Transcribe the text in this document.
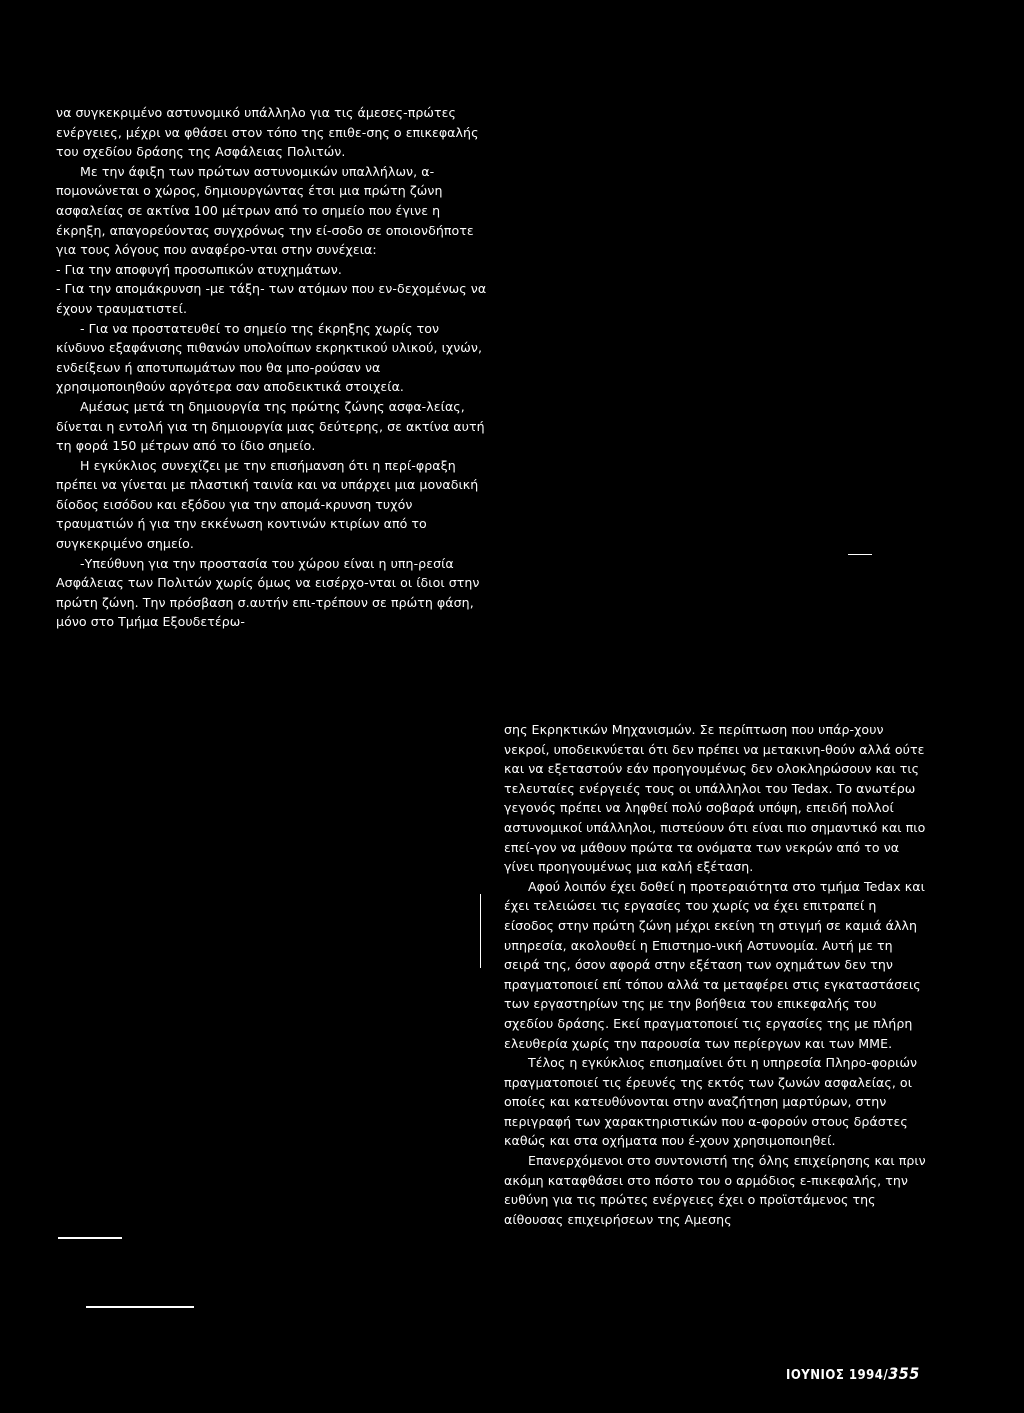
να συγκεκριμένο αστυνομικό υπάλληλο για τις άμεσες-πρώτες ενέργειες, μέχρι να φθάσει στον τόπο της επιθε-σης ο επικεφαλής του σχεδίου δράσης της Ασφάλειας Πολιτών.

Με την άφιξη των πρώτων αστυνομικών υπαλλήλων, α-πομονώνεται ο χώρος, δημιουργώντας έτσι μια πρώτη ζώνη ασφαλείας σε ακτίνα 100 μέτρων από το σημείο που έγινε η έκρηξη, απαγορεύοντας συγχρόνως την εί-σοδο σε οποιονδήποτε για τους λόγους που αναφέρο-νται στην συνέχεια:

- Για την αποφυγή προσωπικών ατυχημάτων.

- Για την απομάκρυνση -με τάξη- των ατόμων που εν-δεχομένως να έχουν τραυματιστεί.

- Για να προστατευθεί το σημείο της έκρηξης χωρίς τον κίνδυνο εξαφάνισης πιθανών υπολοίπων εκρηκτικού υλικού, ιχνών, ενδείξεων ή αποτυπωμάτων που θα μπο-ρούσαν να χρησιμοποιηθούν αργότερα σαν αποδεικτικά στοιχεία.

Αμέσως μετά τη δημιουργία της πρώτης ζώνης ασφα-λείας, δίνεται η εντολή για τη δημιουργία μιας δεύτερης, σε ακτίνα αυτή τη φορά 150 μέτρων από το ίδιο σημείο.

Η εγκύκλιος συνεχίζει με την επισήμανση ότι η περί-φραξη πρέπει να γίνεται με πλαστική ταινία και να υπάρχει μια μοναδική δίοδος εισόδου και εξόδου για την απομά-κρυνση τυχόν τραυματιών ή για την εκκένωση κοντινών κτιρίων από το συγκεκριμένο σημείο.

-Υπεύθυνη για την προστασία του χώρου είναι η υπη-ρεσία Ασφάλειας των Πολιτών χωρίς όμως να εισέρχο-νται οι ίδιοι στην πρώτη ζώνη. Την πρόσβαση σ.αυτήν επι-τρέπουν σε πρώτη φάση, μόνο στο Τμήμα Εξουδετέρω-

σης Εκρηκτικών Μηχανισμών. Σε περίπτωση που υπάρ-χουν νεκροί, υποδεικνύεται ότι δεν πρέπει να μετακινη-θούν αλλά ούτε και να εξεταστούν εάν προηγουμένως δεν ολοκληρώσουν και τις τελευταίες ενέργειές τους οι υπάλληλοι του Tedax. Το ανωτέρω γεγονός πρέπει να ληφθεί πολύ σοβαρά υπόψη, επειδή πολλοί αστυνομικοί υπάλληλοι, πιστεύουν ότι είναι πιο σημαντικό και πιο επεί-γον να μάθουν πρώτα τα ονόματα των νεκρών από το να γίνει προηγουμένως μια καλή εξέταση.

Αφού λοιπόν έχει δοθεί η προτεραιότητα στο τμήμα Tedax και έχει τελειώσει τις εργασίες του χωρίς να έχει επιτραπεί η είσοδος στην πρώτη ζώνη μέχρι εκείνη τη στιγμή σε καμιά άλλη υπηρεσία, ακολουθεί η Επιστημο-νική Αστυνομία. Αυτή με τη σειρά της, όσον αφορά στην εξέταση των οχημάτων δεν την πραγματοποιεί επί τόπου αλλά τα μεταφέρει στις εγκαταστάσεις των εργαστηρίων της με την βοήθεια του επικεφαλής του σχεδίου δράσης. Εκεί πραγματοποιεί τις εργασίες της με πλήρη ελευθερία χωρίς την παρουσία των περίεργων και των ΜΜΕ.

Τέλος η εγκύκλιος επισημαίνει ότι η υπηρεσία Πληρο-φοριών πραγματοποιεί τις έρευνές της εκτός των ζωνών ασφαλείας, οι οποίες και κατευθύνονται στην αναζήτηση μαρτύρων, στην περιγραφή των χαρακτηριστικών που α-φορούν στους δράστες καθώς και στα οχήματα που έ-χουν χρησιμοποιηθεί.

Επανερχόμενοι στο συντονιστή της όλης επιχείρησης και πριν ακόμη καταφθάσει στο πόστο του ο αρμόδιος ε-πικεφαλής, την ευθύνη για τις πρώτες ενέργειες έχει ο προϊστάμενος της αίθουσας επιχειρήσεων της Αμεσης

ΙΟΥΝΙΟΣ 1994/355
